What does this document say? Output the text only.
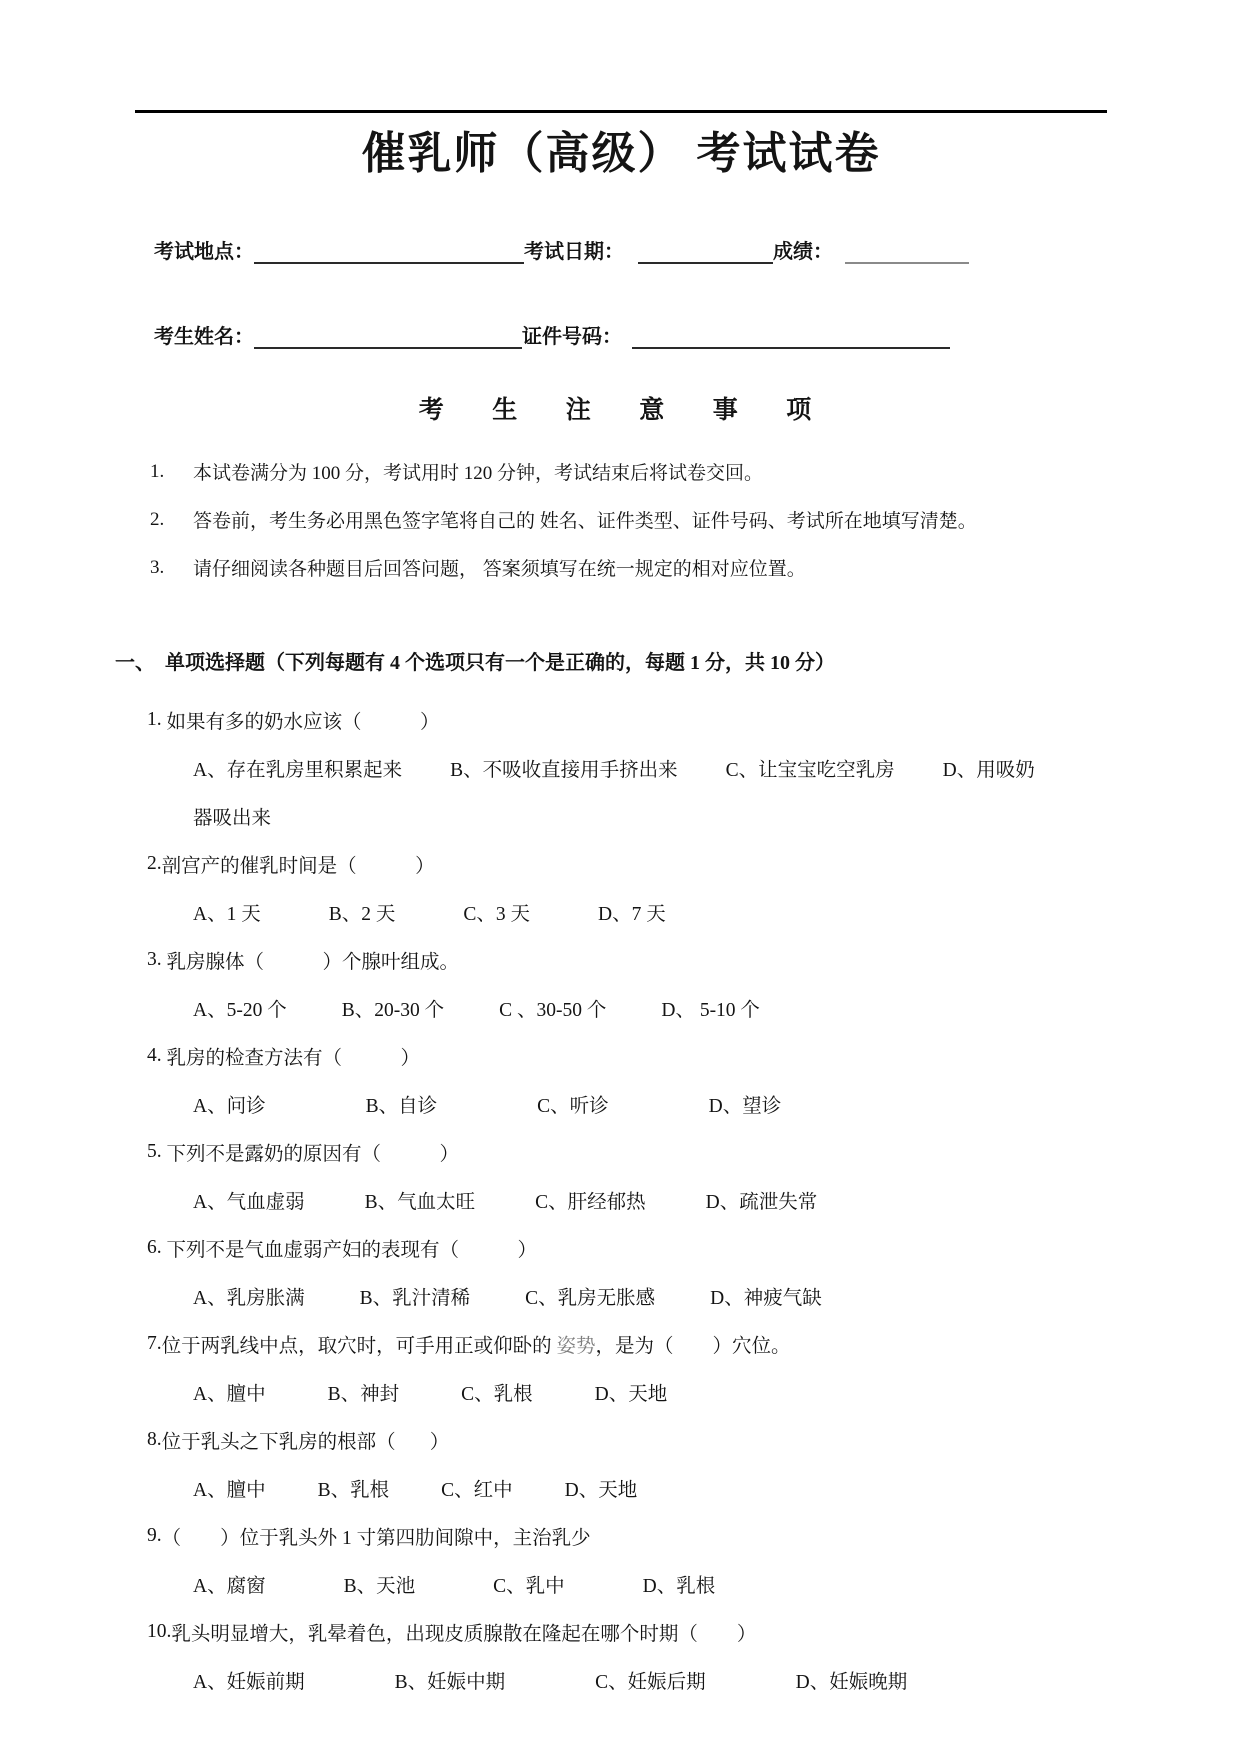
催乳师（高级） 考试试卷
考试地点：	考试日期：	成绩：
考生姓名：	证件号码：
考  生  注  意  事  项
1.	本试卷满分为 100 分，考试用时 120 分钟，考试结束后将试卷交回。
2.	答卷前，考生务必用黑色签字笔将自己的 姓名、证件类型、证件号码、考试所在地填写清楚。
3.	请仔细阅读各种题目后回答问题， 答案须填写在统一规定的相对应位置。
一、 单项选择题（下列每题有 4 个选项只有一个是正确的，每题 1 分，共 10 分）
1. 如果有多的奶水应该（            ）
A、存在乳房里积累起来 B、不吸收直接用手挤出来 C、让宝宝吃空乳房 D、用吸奶
器吸出来
2. 剖宫产的催乳时间是（            ）
A、1 天	B、2 天	C、3 天	D、7 天
3. 乳房腺体（            ）个腺叶组成。
A、5-20 个	B、20-30 个	C 、30-50 个	D、 5-10 个
4. 乳房的检查方法有（            ）
A、问诊	B、自诊	C、听诊	D、望诊
5. 下列不是露奶的原因有（            ）
A、气血虚弱	B、气血太旺	C、肝经郁热	D、疏泄失常
6. 下列不是气血虚弱产妇的表现有（            ）
A、乳房胀满	B、乳汁清稀	C、乳房无胀感	D、神疲气缺
7. 位于两乳线中点，取穴时，可手用正或仰卧的 姿势 ，是为（        ）穴位。
A、膻中	B、神封	C、乳根	D、天地
8. 位于乳头之下乳房的根部（       ）
A、膻中	B、乳根	C、红中	D、天地
9. （        ）位于乳头外 1 寸第四肋间隙中，主治乳少
A、腐窗	B、天池	C、乳中	D、乳根
10. 乳头明显增大，乳晕着色，出现皮质腺散在隆起在哪个时期（        ）
A、妊娠前期	B、妊娠中期	C、妊娠后期	D、妊娠晚期
